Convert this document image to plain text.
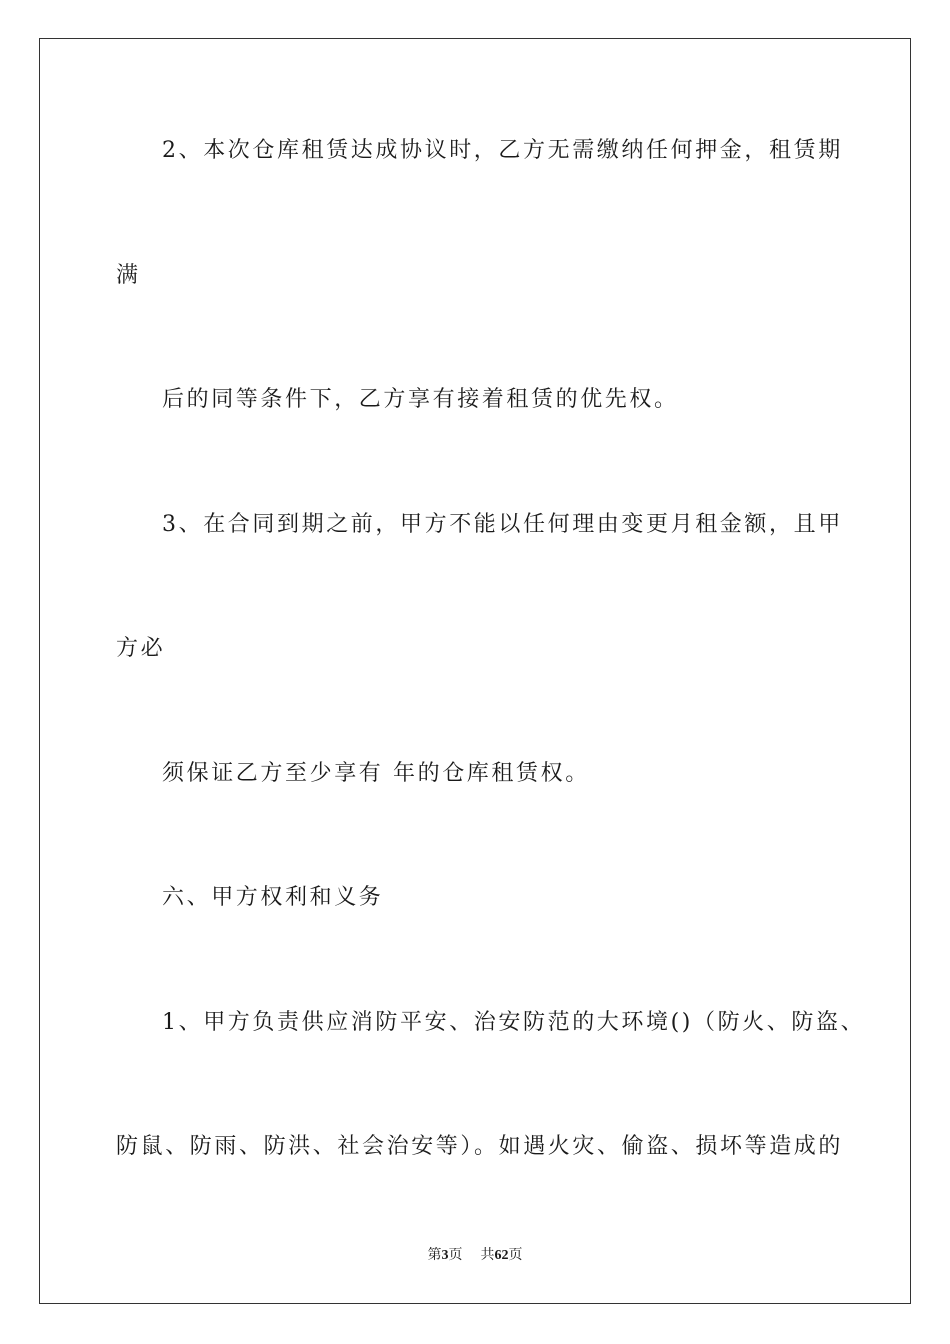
2、本次仓库租赁达成协议时，乙方无需缴纳任何押金，租赁期
满
后的同等条件下，乙方享有接着租赁的优先权。
3、在合同到期之前，甲方不能以任何理由变更月租金额，且甲
方必
须保证乙方至少享有 年的仓库租赁权。
六、甲方权利和义务
1、甲方负责供应消防平安、治安防范的大环境()（防火、防盗、
防鼠、防雨、防洪、社会治安等）。如遇火灾、偷盗、损坏等造成的
第3页 共62页
